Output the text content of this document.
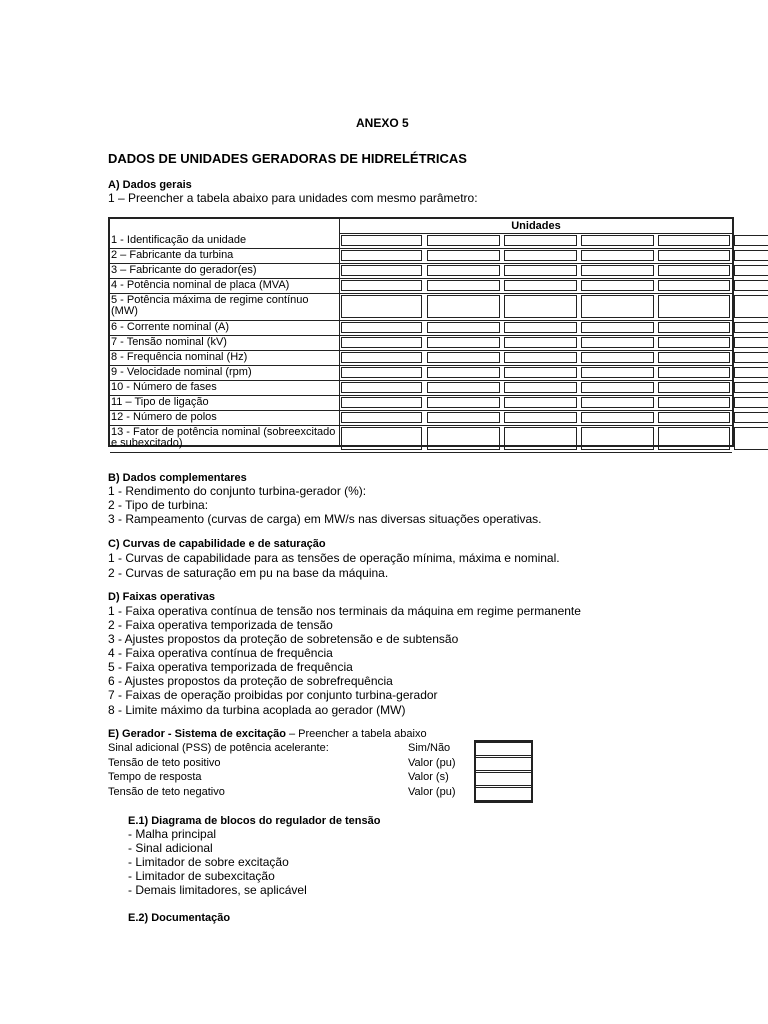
ANEXO 5
DADOS DE UNIDADES GERADORAS DE HIDRELÉTRICAS
A) Dados gerais
1 – Preencher a tabela abaixo para unidades com mesmo parâmetro:
Unidades
1 - Identificação da unidade
2 – Fabricante da turbina
3 – Fabricante do gerador(es)
4 - Potência nominal de placa (MVA)
5 - Potência máxima de regime contínuo (MW)
6 - Corrente nominal (A)
7 - Tensão nominal (kV)
8 - Frequência nominal (Hz)
9 - Velocidade nominal (rpm)
10 - Número de fases
11 – Tipo de ligação
12 - Número de polos
13 - Fator de potência nominal (sobreexcitado e subexcitado)
B) Dados complementares
1 - Rendimento do conjunto turbina-gerador (%):
2 - Tipo de turbina:
3 - Rampeamento (curvas de carga) em MW/s nas diversas situações operativas.
C) Curvas de capabilidade e de saturação
1 - Curvas de capabilidade para as tensões de operação mínima, máxima e nominal.
2 - Curvas de saturação em pu na base da máquina.
D) Faixas operativas
1 - Faixa operativa contínua de tensão nos terminais da máquina em regime permanente
2 - Faixa operativa temporizada de tensão
3 - Ajustes propostos da proteção de sobretensão e de subtensão
4 - Faixa operativa contínua de frequência
5 - Faixa operativa temporizada de frequência
6 - Ajustes propostos da proteção de sobrefrequência
7 - Faixas de operação proibidas por conjunto turbina-gerador
8 - Limite máximo da turbina acoplada ao gerador (MW)
E) Gerador - Sistema de excitação – Preencher a tabela abaixo
Sinal adicional (PSS) de potência acelerante:	Sim/Não
Tensão de teto positivo	Valor (pu)
Tempo de resposta	Valor (s)
Tensão de teto negativo	Valor (pu)
E.1) Diagrama de blocos do regulador de tensão
- Malha principal
- Sinal adicional
- Limitador de sobre excitação
- Limitador de subexcitação
- Demais limitadores, se aplicável
E.2) Documentação
